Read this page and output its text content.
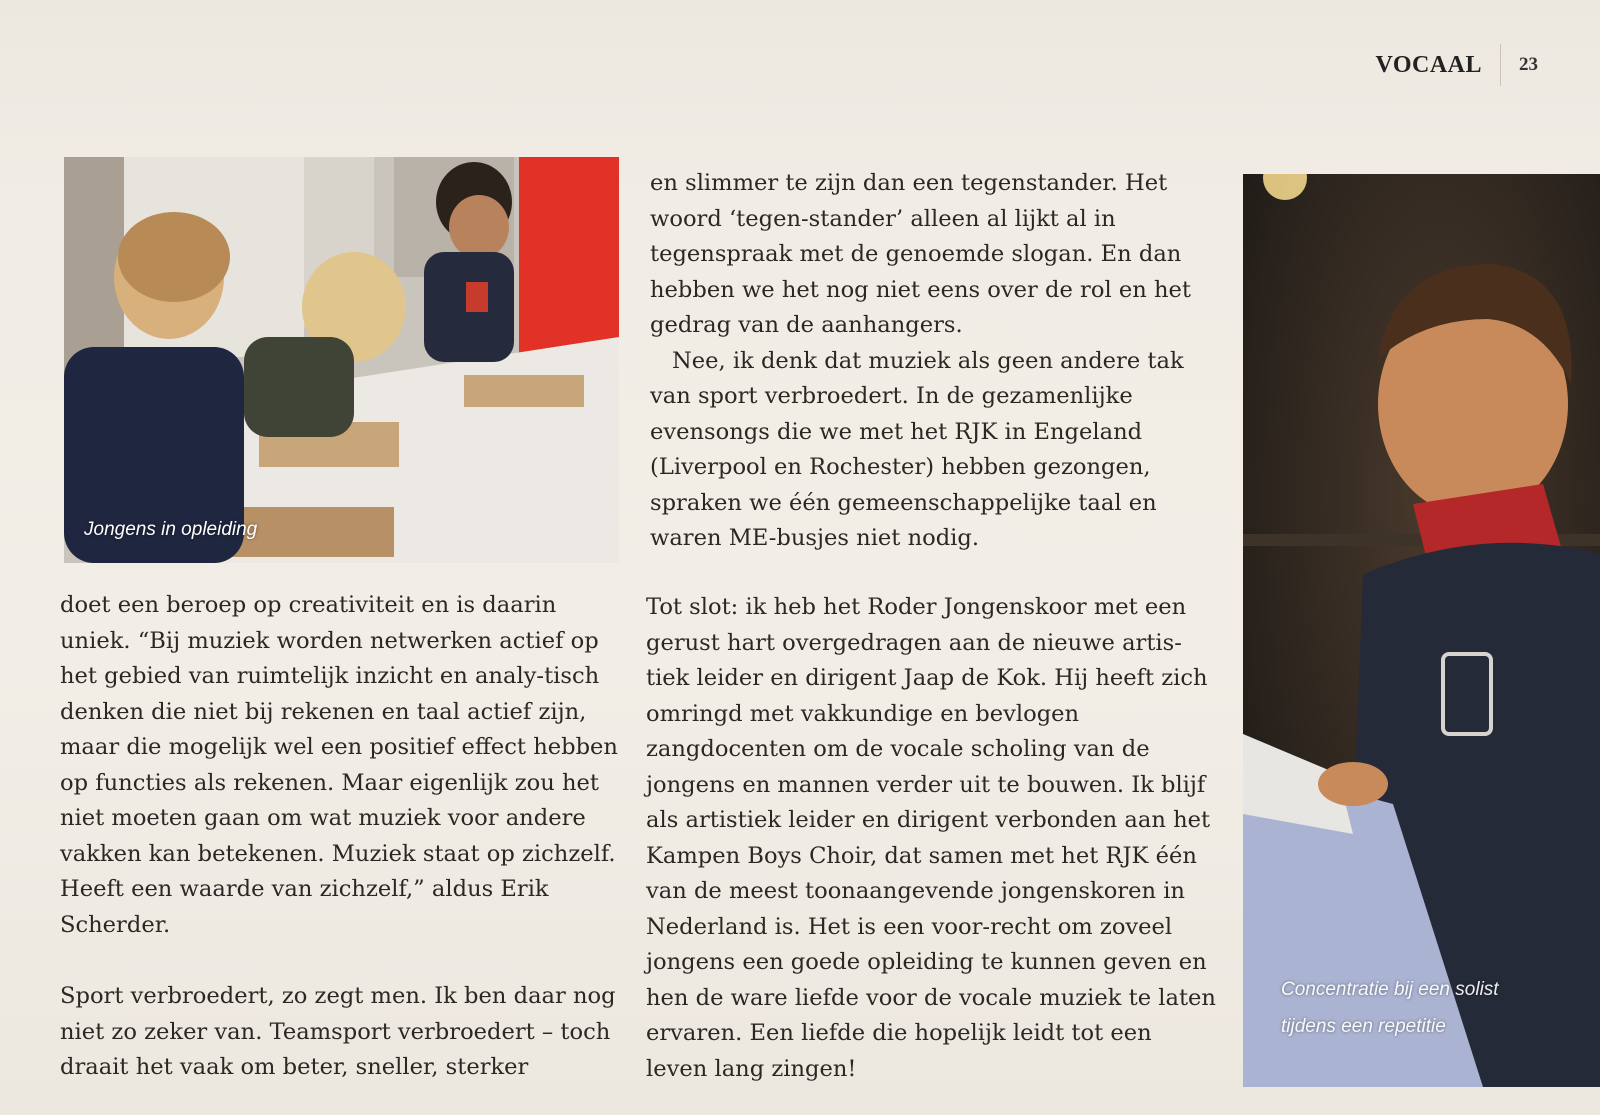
VOCAAL 23
Jongens in opleiding
Concentratie bij een solist
tijdens een repetitie

doet een beroep op creativiteit en is daarin uniek. “Bij muziek worden netwerken actief op het gebied van ruimtelijk inzicht en analy-tisch denken die niet bij rekenen en taal actief zijn, maar die mogelijk wel een positief effect hebben op functies als rekenen. Maar eigenlijk zou het niet moeten gaan om wat muziek voor andere vakken kan betekenen. Muziek staat op zichzelf. Heeft een waarde van zichzelf,” aldus Erik Scherder.

Sport verbroedert, zo zegt men. Ik ben daar nog niet zo zeker van. Teamsport verbroedert – toch draait het vaak om beter, sneller, sterker

en slimmer te zijn dan een tegenstander. Het woord ‘tegen-stander’ alleen al lijkt al in tegenspraak met de genoemde slogan. En dan hebben we het nog niet eens over de rol en het gedrag van de aanhangers.

Nee, ik denk dat muziek als geen andere tak van sport verbroedert. In de gezamenlijke evensongs die we met het RJK in Engeland (Liverpool en Rochester) hebben gezongen, spraken we één gemeenschappelijke taal en waren ME-busjes niet nodig.

Tot slot: ik heb het Roder Jongenskoor met een gerust hart overgedragen aan de nieuwe artis-tiek leider en dirigent Jaap de Kok. Hij heeft zich omringd met vakkundige en bevlogen zangdocenten om de vocale scholing van de jongens en mannen verder uit te bouwen. Ik blijf als artistiek leider en dirigent verbonden aan het Kampen Boys Choir, dat samen met het RJK één van de meest toonaangevende jongenskoren in Nederland is. Het is een voor-recht om zoveel jongens een goede opleiding te kunnen geven en hen de ware liefde voor de vocale muziek te laten ervaren. Een liefde die hopelijk leidt tot een leven lang zingen!
